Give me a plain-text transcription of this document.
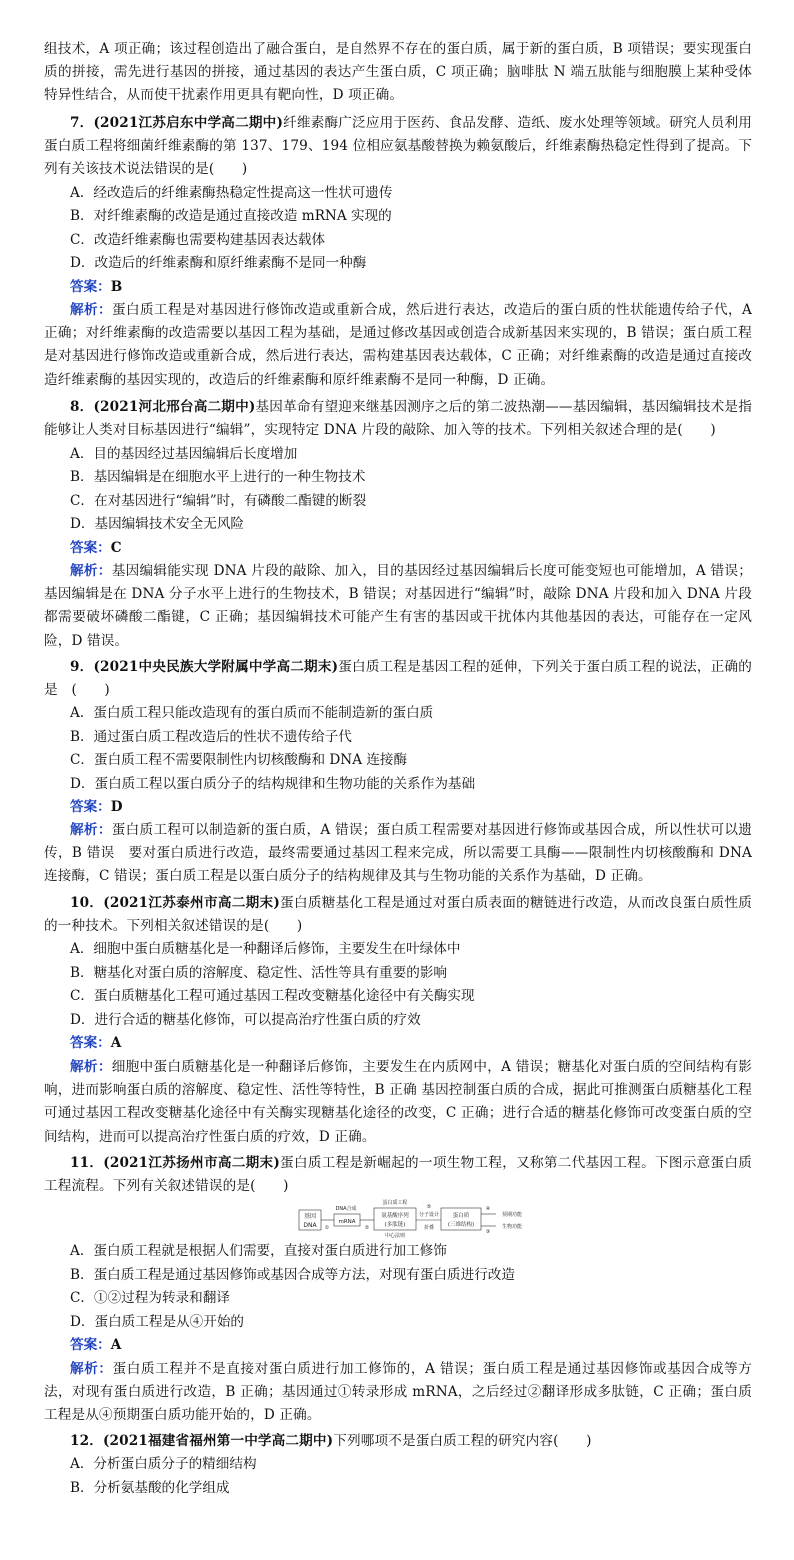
组技术，A 项正确；该过程创造出了融合蛋白，是自然界不存在的蛋白质，属于新的蛋白质，B 项错误；要实现蛋白质的拼接，需先进行基因的拼接，通过基因的表达产生蛋白质，C 项正确；脑啡肽 N 端五肽能与细胞膜上某种受体特异性结合，从而使干扰素作用更具有靶向性，D 项正确。
7．(2021江苏启东中学高二期中)纤维素酶广泛应用于医药、食品发酵、造纸、废水处理等领域。研究人员利用蛋白质工程将细菌纤维素酶的第 137、179、194 位相应氨基酸替换为赖氨酸后，纤维素酶热稳定性得到了提高。下列有关该技术说法错误的是(　　)
A．经改造后的纤维素酶热稳定性提高这一性状可遗传
B．对纤维素酶的改造是通过直接改造 mRNA 实现的
C．改造纤维素酶也需要构建基因表达载体
D．改造后的纤维素酶和原纤维素酶不是同一种酶
答案：B
解析：蛋白质工程是对基因进行修饰改造或重新合成，然后进行表达，改造后的蛋白质的性状能遗传给子代，A 正确；对纤维素酶的改造需要以基因工程为基础，是通过修改基因或创造合成新基因来实现的，B 错误；蛋白质工程是对基因进行修饰改造或重新合成，然后进行表达，需构建基因表达载体，C 正确；对纤维素酶的改造是通过直接改造纤维素酶的基因实现的，改造后的纤维素酶和原纤维素酶不是同一种酶，D 正确。
8．(2021河北邢台高二期中)基因革命有望迎来继基因测序之后的第二波热潮——基因编辑，基因编辑技术是指能够让人类对目标基因进行“编辑”，实现特定 DNA 片段的敲除、加入等的技术。下列相关叙述合理的是(　　)
A．目的基因经过基因编辑后长度增加
B．基因编辑是在细胞水平上进行的一种生物技术
C．在对基因进行“编辑”时，有磷酸二酯键的断裂
D．基因编辑技术安全无风险
答案：C
解析：基因编辑能实现 DNA 片段的敲除、加入，目的基因经过基因编辑后长度可能变短也可能增加，A 错误；基因编辑是在 DNA 分子水平上进行的生物技术，B 错误；对基因进行“编辑”时，敲除 DNA 片段和加入 DNA 片段都需要破坏磷酸二酯键，C 正确；基因编辑技术可能产生有害的基因或干扰体内其他基因的表达，可能存在一定风险，D 错误。
9．(2021中央民族大学附属中学高二期末)蛋白质工程是基因工程的延伸，下列关于蛋白质工程的说法，正确的是　(　　)
A．蛋白质工程只能改造现有的蛋白质而不能制造新的蛋白质
B．通过蛋白质工程改造后的性状不遗传给子代
C．蛋白质工程不需要限制性内切核酸酶和 DNA 连接酶
D．蛋白质工程以蛋白质分子的结构规律和生物功能的关系作为基础
答案：D
解析：蛋白质工程可以制造新的蛋白质，A 错误；蛋白质工程需要对基因进行修饰或基因合成，所以性状可以遗传，B 错误　要对蛋白质进行改造，最终需要通过基因工程来完成，所以需要工具酶——限制性内切核酸酶和 DNA 连接酶，C 错误；蛋白质工程是以蛋白质分子的结构规律及其与生物功能的关系作为基础，D 正确。
10．(2021江苏泰州市高二期末)蛋白质糖基化工程是通过对蛋白质表面的糖链进行改造，从而改良蛋白质性质的一种技术。下列相关叙述错误的是(　　)
A．细胞中蛋白质糖基化是一种翻译后修饰，主要发生在叶绿体中
B．糖基化对蛋白质的溶解度、稳定性、活性等具有重要的影响
C．蛋白质糖基化工程可通过基因工程改变糖基化途径中有关酶实现
D．进行合适的糖基化修饰，可以提高治疗性蛋白质的疗效
答案：A
解析：细胞中蛋白质糖基化是一种翻译后修饰，主要发生在内质网中，A 错误；糖基化对蛋白质的空间结构有影响，进而影响蛋白质的溶解度、稳定性、活性等特性，B 正确 基因控制蛋白质的合成，据此可推测蛋白质糖基化工程可通过基因工程改变糖基化途径中有关酶实现糖基化途径的改变，C 正确；进行合适的糖基化修饰可改变蛋白质的空间结构，进而可以提高治疗性蛋白质的疗效，D 正确。
11．(2021江苏扬州市高二期末)蛋白质工程是新崛起的一项生物工程，又称第二代基因工程。下图示意蛋白质工程流程。下列有关叙述错误的是(　　)
基因
DNA	mRNA
氨基酸序列
(多肽链)
蛋白质
(三维结构)
DNA合成
蛋白质工程
分子设计
中心法则
折叠
预期功能
生物功能
①	②
③
④
⑤
A．蛋白质工程就是根据人们需要，直接对蛋白质进行加工修饰
B．蛋白质工程是通过基因修饰或基因合成等方法，对现有蛋白质进行改造
C．①②过程为转录和翻译
D．蛋白质工程是从④开始的
答案：A
解析：蛋白质工程并不是直接对蛋白质进行加工修饰的，A 错误；蛋白质工程是通过基因修饰或基因合成等方法，对现有蛋白质进行改造，B 正确；基因通过①转录形成 mRNA，之后经过②翻译形成多肽链，C 正确；蛋白质工程是从④预期蛋白质功能开始的，D 正确。
12．(2021福建省福州第一中学高二期中)下列哪项不是蛋白质工程的研究内容(　　)
A．分析蛋白质分子的精细结构
B．分析氨基酸的化学组成
